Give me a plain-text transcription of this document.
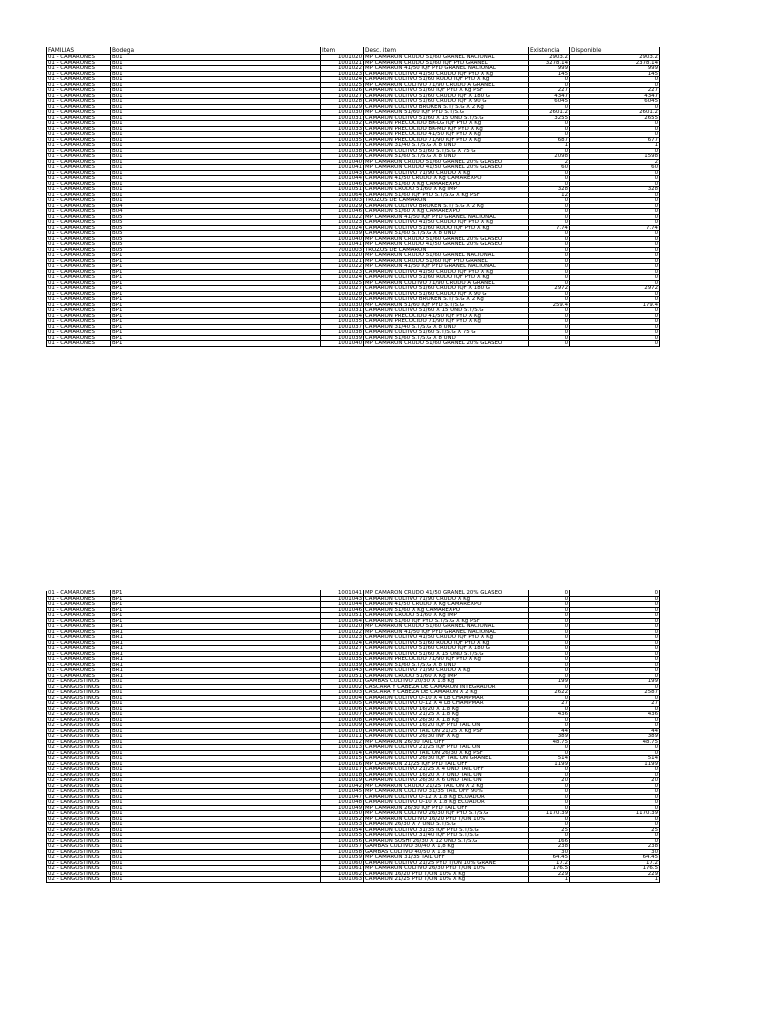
FAMILIAS	Bodega	Item	Desc. item	Existencia	Disponible
01 - CAMARONES	B01	1001020 MP CAMARON CRUDO 51/60 GRANEL NACIONAL	2903.2	2903.2
01 - CAMARONES	B01	1001021 MP CAMARON CRUDO 51/60 IQF PYD GRANEL	3278.14	2378.14
01 - CAMARONES	B01	1001022 MP CAMARON 41/50 IQF PYD GRANEL NACIONAL	999	999
01 - CAMARONES	B01	1001023 CAMARON CULTIVO 41/50 CRUDO IQF PYD X Kg	145	145
01 - CAMARONES	B01	1001024 CAMARON CULTIVO 51/60 RUDO IQF PYD X Kg	0	0
01 - CAMARONES	B01	1001025 MP CAMARON CULTIVO 71/90 CRUDO A GRANEL	0	0
01 - CAMARONES	B01	1001026 CAMARON CULTIVO 51/60 IQF PYD X Kg PSF	227	227
01 - CAMARONES	B01	1001027 CAMARON CULTIVO 51/60 CRUDO IQF X 180 G	4347	4347
01 - CAMARONES	B01	1001028 CAMARON CULTIVO 51/60 CRUDO IQF X 90 G	6045	6045
01 - CAMARONES	B01	1001029 CAMARON CULTIVO BROKEN S.T/ S.G X 2 Kg	0	0
01 - CAMARONES	B01	1001030 MP CAMARON 51/60 IQF PYD S.T/S.G	2601.2	2601.2
01 - CAMARONES	B01	1001031 CAMARON CULTIVO 51/60 X 15 UND S.T/S.G	3255	2655
01 - CAMARONES	B01	1001032 CAMARON PRECOCIDO BK-LG IQF PYD X Kg	0	0
01 - CAMARONES	B01	1001033 CAMARON PRECOCIDO BK-MD IQF PYD X Kg	0	0
01 - CAMARONES	B01	1001034 CAMARON PRECOCIDO 41/50 IQF PYD X Kg	0	0
01 - CAMARONES	B01	1001035 CAMARON PRECOCIDO 71/90 IQF PYD X Kg	687	677
01 - CAMARONES	B01	1001037 CAMARON 31/40 S.T/S.G X 8 UND	1	1
01 - CAMARONES	B01	1001038 CAMARON CULTIVO 51/60 S.T/S.G X 75 G	0	0
01 - CAMARONES	B01	1001039 CAMARON 51/60 S.T/S.G X 8 UND	2098	1598
01 - CAMARONES	B01	1001040 MP CAMARON CRUDO 51/60 GRANEL 20% GLASEO	2	2
01 - CAMARONES	B01	1001041 MP CAMARON CRUDO 41/50 GRANEL 20% GLASEO	60	60
01 - CAMARONES	B01	1001043 CAMARON CULTIVO 71/90 CRUDO X Kg	0	0
01 - CAMARONES	B01	1001044 CAMARON 41/50 CRUDO X Kg CAMAREXPO	0	0
01 - CAMARONES	B01	1001046 CAMARON 51/60 X Kg CAMAREXPO	0	0
01 - CAMARONES	B01	1001051 CAMARON CRUDO 51/60 X Kg IMP	328	328
01 - CAMARONES	B01	1001064 CAMARON 51/60 IQF PYD S.T/S.G X Kg PSF	12	0
01 - CAMARONES	B01	7001003 TROZOS DE CAMARON	0	0
01 - CAMARONES	B04	1001029 CAMARON CULTIVO BROKEN S.T/ S.G X 2 Kg	0	0
01 - CAMARONES	B04	1001046 CAMARON 51/60 X Kg CAMAREXPO	0	0
01 - CAMARONES	B05	1001022 MP CAMARON 41/50 IQF PYD GRANEL NACIONAL	0	0
01 - CAMARONES	B05	1001023 CAMARON CULTIVO 41/50 CRUDO IQF PYD X Kg	0	0
01 - CAMARONES	B05	1001024 CAMARON CULTIVO 51/60 RUDO IQF PYD X Kg	7.74	7.74
01 - CAMARONES	B05	1001039 CAMARON 51/60 S.T/S.G X 8 UND	0	0
01 - CAMARONES	B05	1001040 MP CAMARON CRUDO 51/60 GRANEL 20% GLASEO	0	0
01 - CAMARONES	B05	1001041 MP CAMARON CRUDO 41/50 GRANEL 20% GLASEO	0	0
01 - CAMARONES	B05	7001003 TROZOS DE CAMARON	0	0
01 - CAMARONES	BP1	1001020 MP CAMARON CRUDO 51/60 GRANEL NACIONAL	0	0
01 - CAMARONES	BP1	1001021 MP CAMARON CRUDO 51/60 IQF PYD GRANEL	0	0
01 - CAMARONES	BP1	1001022 MP CAMARON 41/50 IQF PYD GRANEL NACIONAL	0	0
01 - CAMARONES	BP1	1001023 CAMARON CULTIVO 41/50 CRUDO IQF PYD X Kg	0	0
01 - CAMARONES	BP1	1001024 CAMARON CULTIVO 51/60 RUDO IQF PYD X Kg	0	0
01 - CAMARONES	BP1	1001025 MP CAMARON CULTIVO 71/90 CRUDO A GRANEL	0	0
01 - CAMARONES	BP1	1001027 CAMARON CULTIVO 51/60 CRUDO IQF X 180 G	2972	2972
01 - CAMARONES	BP1	1001028 CAMARON CULTIVO 51/60 CRUDO IQF X 90 G	0	0
01 - CAMARONES	BP1	1001029 CAMARON CULTIVO BROKEN S.T/ S.G X 2 Kg	0	0
01 - CAMARONES	BP1	1001030 MP CAMARON 51/60 IQF PYD S.T/S.G	259.4	179.4
01 - CAMARONES	BP1	1001031 CAMARON CULTIVO 51/60 X 15 UND S.T/S.G	0	0
01 - CAMARONES	BP1	1001034 CAMARON PRECOCIDO 41/50 IQF PYD X Kg	0	0
01 - CAMARONES	BP1	1001035 CAMARON PRECOCIDO 71/90 IQF PYD X Kg	0	0
01 - CAMARONES	BP1	1001037 CAMARON 31/40 S.T/S.G X 8 UND	0	0
01 - CAMARONES	BP1	1001038 CAMARON CULTIVO 51/60 S.T/S.G X 75 G	0	0
01 - CAMARONES	BP1	1001039 CAMARON 51/60 S.T/S.G X 8 UND	0	0
01 - CAMARONES	BP1	1001040 MP CAMARON CRUDO 51/60 GRANEL 20% GLASEO	0	0
01 - CAMARONES	BP1	1001041 MP CAMARON CRUDO 41/50 GRANEL 20% GLASEO	0	0
01 - CAMARONES	BP1	1001043 CAMARON CULTIVO 71/90 CRUDO X Kg	0	0
01 - CAMARONES	BP1	1001044 CAMARON 41/50 CRUDO X Kg CAMAREXPO	0	0
01 - CAMARONES	BP1	1001046 CAMARON 51/60 X Kg CAMAREXPO	0	0
01 - CAMARONES	BP1	1001051 CAMARON CRUDO 51/60 X Kg IMP	0	0
01 - CAMARONES	BP1	1001064 CAMARON 51/60 IQF PYD S.T/S.G X Kg PSF	0	0
01 - CAMARONES	BR1	1001020 MP CAMARON CRUDO 51/60 GRANEL NACIONAL	0	0
01 - CAMARONES	BR1	1001022 MP CAMARON 41/50 IQF PYD GRANEL NACIONAL	0	0
01 - CAMARONES	BR1	1001023 CAMARON CULTIVO 41/50 CRUDO IQF PYD X Kg	0	0
01 - CAMARONES	BR1	1001024 CAMARON CULTIVO 51/60 RUDO IQF PYD X Kg	0	0
01 - CAMARONES	BR1	1001027 CAMARON CULTIVO 51/60 CRUDO IQF X 180 G	0	0
01 - CAMARONES	BR1	1001031 CAMARON CULTIVO 51/60 X 15 UND S.T/S.G	0	0
01 - CAMARONES	BR1	1001035 CAMARON PRECOCIDO 71/90 IQF PYD X Kg	0	0
01 - CAMARONES	BR1	1001039 CAMARON 51/60 S.T/S.G X 8 UND	0	0
01 - CAMARONES	BR1	1001043 CAMARON CULTIVO 71/90 CRUDO X Kg	0	0
01 - CAMARONES	BR1	1001051 CAMARON CRUDO 51/60 X Kg IMP	0	0
02 - LANGOSTINOS	B01	1001001 GAMBAS CULTIVO 20/30 X 1.8 Kg	199	199
02 - LANGOSTINOS	B01	1001002 CASCARA Y CABEZA DE CAMARON INTEGRADOR	0	0
02 - LANGOSTINOS	B01	1001003 CASCARA Y CABEZA DE CAMARON X 2 Kg	2622	2587
02 - LANGOSTINOS	B01	1001004 CAMARON CULTIVO U-10 X 4 Lb CHAMPMAR	0	0
02 - LANGOSTINOS	B01	1001005 CAMARON CULTIVO U-12 X 4 Lb CHAMPMAR	27	27
02 - LANGOSTINOS	B01	1001006 CAMARON CULTIVO 16/20 X 1.8 Kg	0	0
02 - LANGOSTINOS	B01	1001007 CAMARON CULTIVO 21/25 X 1.8 Kg	436	436
02 - LANGOSTINOS	B01	1001008 CAMARON CULTIVO 26/30 X 1.8 Kg	0	0
02 - LANGOSTINOS	B01	1001009 CAMARON CULTIVO 16/20 IQF PYD TAIL ON	0	0
02 - LANGOSTINOS	B01	1001010 CAMARON CULTIVO TAIL ON 21/25 X Kg PSF	44	44
02 - LANGOSTINOS	B01	1001011 CAMARON CULTIVO 26/30 INF X Kg	389	389
02 - LANGOSTINOS	B01	1001012 MP CAMARON 26/30 TAIL OFF	48.75	48.75
02 - LANGOSTINOS	B01	1001013 CAMARON CULTIVO 21/25 IQF PYD TAIL ON	0	0
02 - LANGOSTINOS	B01	1001014 CAMARON CULTIVO TAIL ON 26/30 X Kg PSF	0	0
02 - LANGOSTINOS	B01	1001015 CAMARON CULTIVO 26/30 IQF TAIL ON GRANEL	514	514
02 - LANGOSTINOS	B01	1001016 MP CAMARON 21/25 IQF PYD TAIL OFF	1199	1199
02 - LANGOSTINOS	B01	1001017 CAMARON CULTIVO 21/25 X 4 UND TAIL OFF	0	0
02 - LANGOSTINOS	B01	1001018 CAMARON CULTIVO 16/20 X 7 UND TAIL ON	0	0
02 - LANGOSTINOS	B01	1001019 CAMARON CULTIVO 26/30 X 6 UND TAIL ON	20	20
02 - LANGOSTINOS	B01	1001042 MP CAMARON CRUDO 21/25 TAIL ON X 2 Kg	0	0
02 - LANGOSTINOS	B01	1001045 MP CAMARON CULTIVO 31/35 TAIL OFF 90%	0	0
02 - LANGOSTINOS	B01	1001047 CAMARON CULTIVO U-12 X 1.8 Kg ECUADOR	0	0
02 - LANGOSTINOS	B01	1001048 CAMARON CULTIVO U-10 X 1.8 Kg ECUADOR	0	0
02 - LANGOSTINOS	B01	1001049 MP CAMARON 26/30 IQF PYD TAIL OFF	0	0
02 - LANGOSTINOS	B01	1001050 MP CAMARON CULTIVO 26/30 IQF PYD S.T/S.G	1170.39	1170.39
02 - LANGOSTINOS	B01	1001052 MP CAMARON CULTIVO 16/20 PYD T/ON 10%	0	0
02 - LANGOSTINOS	B01	1001053 CAMARON 26/30 X 7 UND S.T/S.G	0	0
02 - LANGOSTINOS	B01	1001054 CAMARON CULTIVO 31/35 IQF PYD S.T/S.G	25	25
02 - LANGOSTINOS	B01	1001055 CAMARON CULTIVO 31/40 IQF PYD S.T/S.G	0	0
02 - LANGOSTINOS	B01	1001056 CAMARON SUSHI 26/30 X 12 UND S.T/S.G	166	0
02 - LANGOSTINOS	B01	1001057 GAMBAS CULTIVO 30/40 X 1,8 Kg	238	238
02 - LANGOSTINOS	B01	1001058 GAMBAS CULTIVO 40/50 X 1.8 Kg	30	30
02 - LANGOSTINOS	B01	1001059 MP CAMARON 31/35 TAIL OFF	64.45	64.45
02 - LANGOSTINOS	B01	1001060 CAMARON CULTIVO 21/25 PYD T/ON 10% GRANE	17.2	17.2
02 - LANGOSTINOS	B01	1001061 MP CAMARON CULTIVO 26/30 PYD T/ON 10%	176.5	176.5
02 - LANGOSTINOS	B01	1001062 CAMARON 16/20 PYD T/ON 10% X Kg	229	229
02 - LANGOSTINOS	B01	1001063 CAMARON 21/25 PYD T/ON 10% X Kg	1	1
